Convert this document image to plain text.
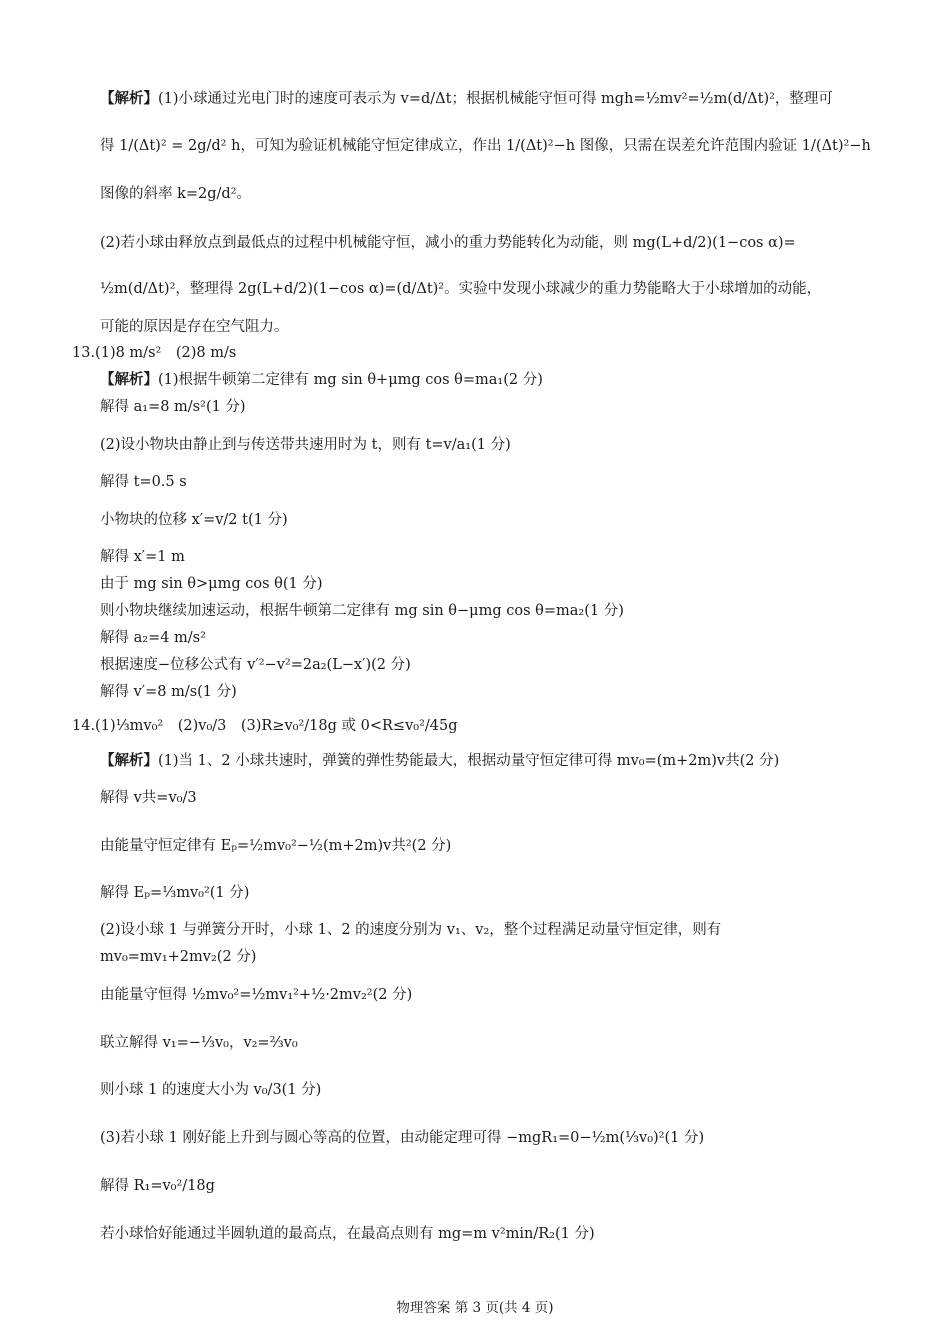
【解析】(1)小球通过光电门时的速度可表示为 v=d/Δt；根据机械能守恒可得 mgh=½mv²=½m(d/Δt)²，整理可
得 1/(Δt)² = 2g/d² h，可知为验证机械能守恒定律成立，作出 1/(Δt)²−h 图像，只需在误差允许范围内验证 1/(Δt)²−h
图像的斜率 k=2g/d²。
(2)若小球由释放点到最低点的过程中机械能守恒，减小的重力势能转化为动能，则 mg(L+d/2)(1−cos α)=
½m(d/Δt)²，整理得 2g(L+d/2)(1−cos α)=(d/Δt)²。实验中发现小球减少的重力势能略大于小球增加的动能，
可能的原因是存在空气阻力。
13.(1)8 m/s²　(2)8 m/s
【解析】(1)根据牛顿第二定律有 mg sin θ+μmg cos θ=ma₁(2 分)
解得 a₁=8 m/s²(1 分)
(2)设小物块由静止到与传送带共速用时为 t，则有 t=v/a₁(1 分)
解得 t=0.5 s
小物块的位移 x′=v/2 t(1 分)
解得 x′=1 m
由于 mg sin θ>μmg cos θ(1 分)
则小物块继续加速运动，根据牛顿第二定律有 mg sin θ−μmg cos θ=ma₂(1 分)
解得 a₂=4 m/s²
根据速度−位移公式有 v′²−v²=2a₂(L−x′)(2 分)
解得 v′=8 m/s(1 分)
14.(1)⅓mv₀²　(2)v₀/3　(3)R≥v₀²/18g 或 0<R≤v₀²/45g
【解析】(1)当 1、2 小球共速时，弹簧的弹性势能最大，根据动量守恒定律可得 mv₀=(m+2m)v共(2 分)
解得 v共=v₀/3
由能量守恒定律有 Eₚ=½mv₀²−½(m+2m)v共²(2 分)
解得 Eₚ=⅓mv₀²(1 分)
(2)设小球 1 与弹簧分开时，小球 1、2 的速度分别为 v₁、v₂，整个过程满足动量守恒定律，则有
mv₀=mv₁+2mv₂(2 分)
由能量守恒得 ½mv₀²=½mv₁²+½·2mv₂²(2 分)
联立解得 v₁=−⅓v₀，v₂=⅔v₀
则小球 1 的速度大小为 v₀/3(1 分)
(3)若小球 1 刚好能上升到与圆心等高的位置，由动能定理可得 −mgR₁=0−½m(⅓v₀)²(1 分)
解得 R₁=v₀²/18g
若小球恰好能通过半圆轨道的最高点，在最高点则有 mg=m v²min/R₂(1 分)
物理答案 第 3 页(共 4 页)
